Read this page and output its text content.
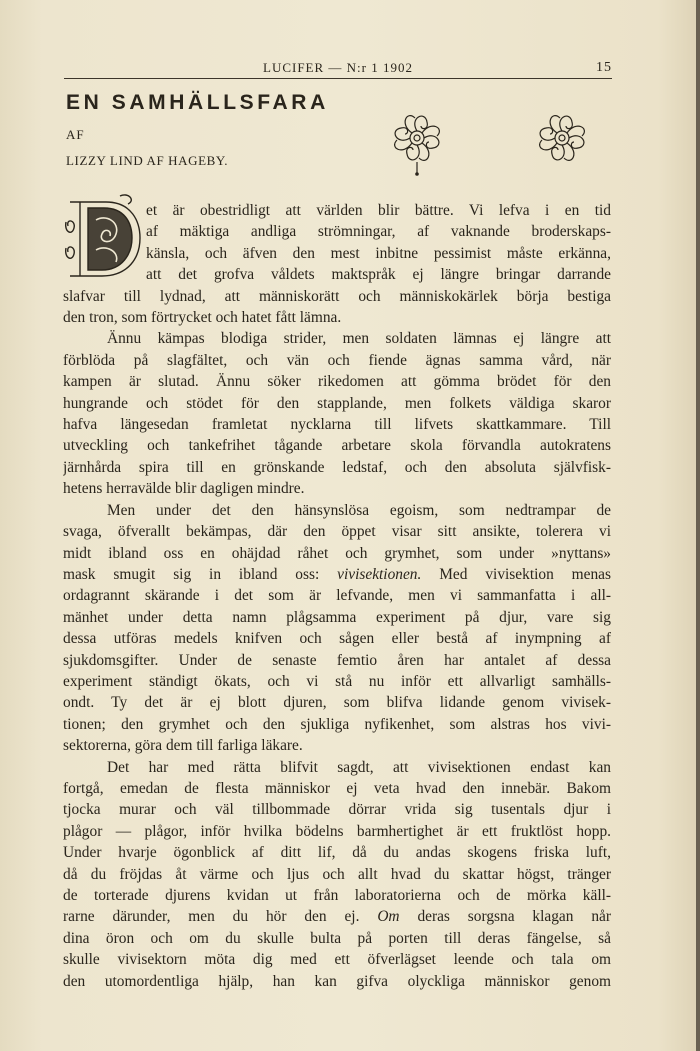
LUCIFER — N:r 1 1902	15
EN SAMHÄLLSFARA
AF
LIZZY LIND AF HAGEBY.

et är obestridligt att världen blir bättre. Vi lefva i en tid
af mäktiga andliga strömningar, af vaknande broderskaps-
känsla, och äfven den mest inbitne pessimist måste erkänna,
att det grofva våldets maktspråk ej längre bringar darrande

slafvar till lydnad, att människorätt och människokärlek börja bestiga
den tron, som förtrycket och hatet fått lämna.

Ännu kämpas blodiga strider, men soldaten lämnas ej längre att
förblöda på slagfältet, och vän och fiende ägnas samma vård, när
kampen är slutad. Ännu söker rikedomen att gömma brödet för den
hungrande och stödet för den stapplande, men folkets väldiga skaror
hafva längesedan framletat nycklarna till lifvets skattkammare. Till
utveckling och tankefrihet tågande arbetare skola förvandla autokratens
järnhårda spira till en grönskande ledstaf, och den absoluta självfisk-
hetens herravälde blir dagligen mindre.

Men under det den hänsynslösa egoism, som nedtrampar de
svaga, öfverallt bekämpas, där den öppet visar sitt ansikte, tolerera vi
midt ibland oss en ohäjdad råhet och grymhet, som under »nyttans»
mask smugit sig in ibland oss: vivisektionen. Med vivisektion menas
ordagrannt skärande i det som är lefvande, men vi sammanfatta i all-
mänhet under detta namn plågsamma experiment på djur, vare sig
dessa utföras medels knifven och sågen eller bestå af inympning af
sjukdomsgifter. Under de senaste femtio åren har antalet af dessa
experiment ständigt ökats, och vi stå nu inför ett allvarligt samhälls-
ondt. Ty det är ej blott djuren, som blifva lidande genom vivisek-
tionen; den grymhet och den sjukliga nyfikenhet, som alstras hos vivi-
sektorerna, göra dem till farliga läkare.

Det har med rätta blifvit sagdt, att vivisektionen endast kan
fortgå, emedan de flesta människor ej veta hvad den innebär. Bakom
tjocka murar och väl tillbommade dörrar vrida sig tusentals djur i
plågor — plågor, inför hvilka bödelns barmhertighet är ett fruktlöst hopp.
Under hvarje ögonblick af ditt lif, då du andas skogens friska luft,
då du fröjdas åt värme och ljus och allt hvad du skattar högst, tränger
de torterade djurens kvidan ut från laboratorierna och de mörka käll-
rarne därunder, men du hör den ej. Om deras sorgsna klagan når
dina öron och om du skulle bulta på porten till deras fängelse, så
skulle vivisektorn möta dig med ett öfverlägset leende och tala om
den utomordentliga hjälp, han kan gifva olyckliga människor genom
